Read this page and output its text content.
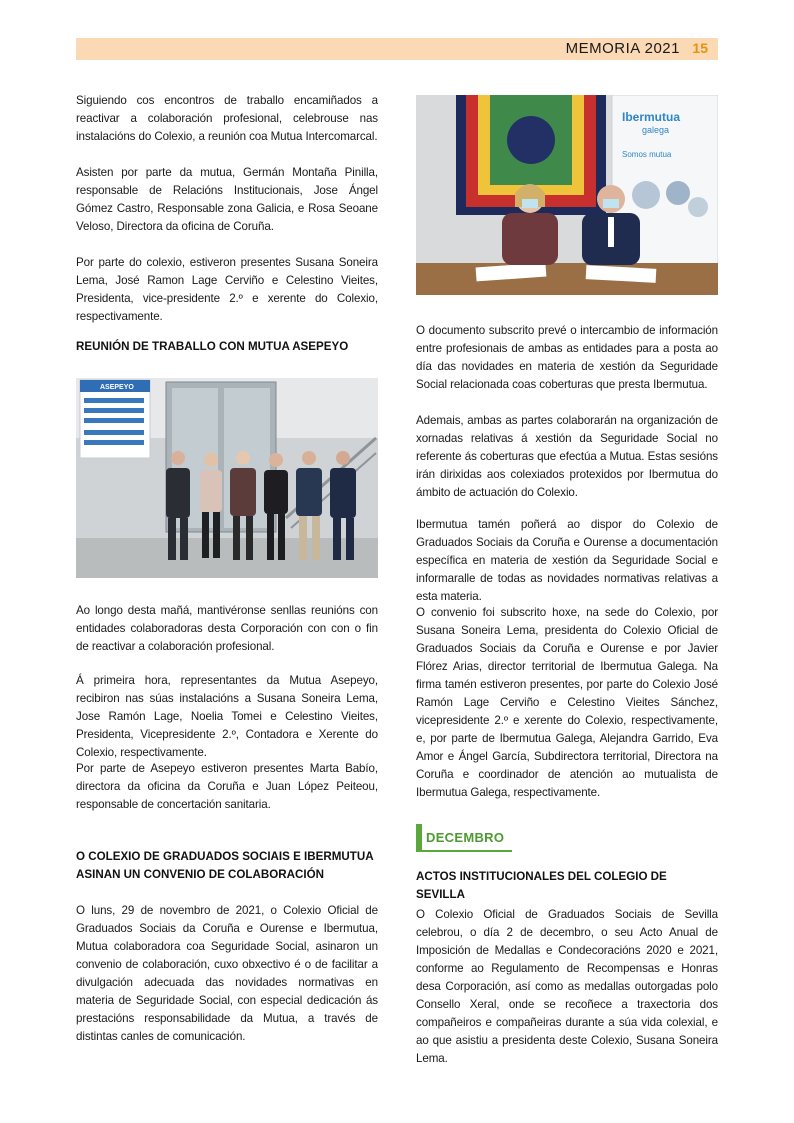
MEMORIA 2021 15

Siguiendo cos encontros de traballo encamiñados a reactivar a colaboración profesional, celebrouse nas instalacións do Colexio, a reunión coa Mutua Intercomarcal.

Asisten por parte da mutua, Germán Montaña Pinilla, responsable de Relacións Institucionais, Jose Ángel Gómez Castro, Responsable zona Galicia, e Rosa Seoane Veloso, Directora da oficina de Coruña.

Por parte do colexio, estiveron presentes Susana Soneira Lema, José Ramon Lage Cerviño e Celestino Vieites, Presidenta, vice-presidente 2.º e xerente do Colexio, respectivamente.

REUNIÓN DE TRABALLO CON MUTUA ASEPEYO
ASEPEYO

Ao longo desta mañá, mantivéronse senllas reunións con entidades colaboradoras desta Corporación con con o fin de reactivar a colaboración profesional.

Á primeira hora, representantes da Mutua Asepeyo, recibiron nas súas instalacións a Susana Soneira Lema, Jose Ramón Lage, Noelia Tomei e Celestino Vieites, Presidenta, Vicepresidente 2.º, Contadora e Xerente do Colexio, respectivamente.

Por parte de Asepeyo estiveron presentes Marta Babío, directora da oficina da Coruña e Juan López Peiteou, responsable de concertación sanitaria.

O COLEXIO DE GRADUADOS SOCIAIS E IBERMUTUA ASINAN UN CONVENIO DE COLABORACIÓN

O luns, 29 de novembro de 2021, o Colexio Oficial de Graduados Sociais da Coruña e Ourense e Ibermutua, Mutua colaboradora coa Seguridade Social, asinaron un convenio de colaboración, cuxo obxectivo é o de facilitar a divulgación adecuada das novidades normativas en materia de Seguridade Social, con especial dedicación ás prestacións responsabilidade da Mutua, a través de distintas canles de comunicación.

Ibermutua
galega
Somos mutua

O documento subscrito prevé o intercambio de información entre profesionais de ambas as entidades para a posta ao día das novidades en materia de xestión da Seguridade Social relacionada coas coberturas que presta Ibermutua.

Ademais, ambas as partes colaborarán na organización de xornadas relativas á xestión da Seguridade Social no referente ás coberturas que efectúa a Mutua. Estas sesións irán dirixidas aos colexiados protexidos por Ibermutua do ámbito de actuación do Colexio.

Ibermutua tamén poñerá ao dispor do Colexio de Graduados Sociais da Coruña e Ourense a documentación específica en materia de xestión da Seguridade Social e informaralle de todas as novidades normativas relativas a esta materia.

O convenio foi subscrito hoxe, na sede do Colexio, por Susana Soneira Lema, presidenta do Colexio Oficial de Graduados Sociais da Coruña e Ourense e por Javier Flórez Arias, director territorial de Ibermutua Galega. Na firma tamén estiveron presentes, por parte do Colexio José Ramón Lage Cerviño e Celestino Vieites Sánchez, vicepresidente 2.º e xerente do Colexio, respectivamente, e, por parte de Ibermutua Galega, Alejandra Garrido, Eva Amor e Ángel García, Subdirectora territorial, Directora na Coruña e coordinador de atención ao mutualista de Ibermutua Galega, respectivamente.

DECEMBRO
ACTOS INSTITUCIONALES DEL COLEGIO DE SEVILLA

O Colexio Oficial de Graduados Sociais de Sevilla celebrou, o día 2 de decembro, o seu Acto Anual de Imposición de Medallas e Condecoracións 2020 e 2021, conforme ao Regulamento de Recompensas e Honras desa Corporación, así como as medallas outorgadas polo Consello Xeral, onde se recoñece a traxectoria dos compañeiros e compañeiras durante a súa vida colexial, e ao que asistiu a presidenta deste Colexio, Susana Soneira Lema.
